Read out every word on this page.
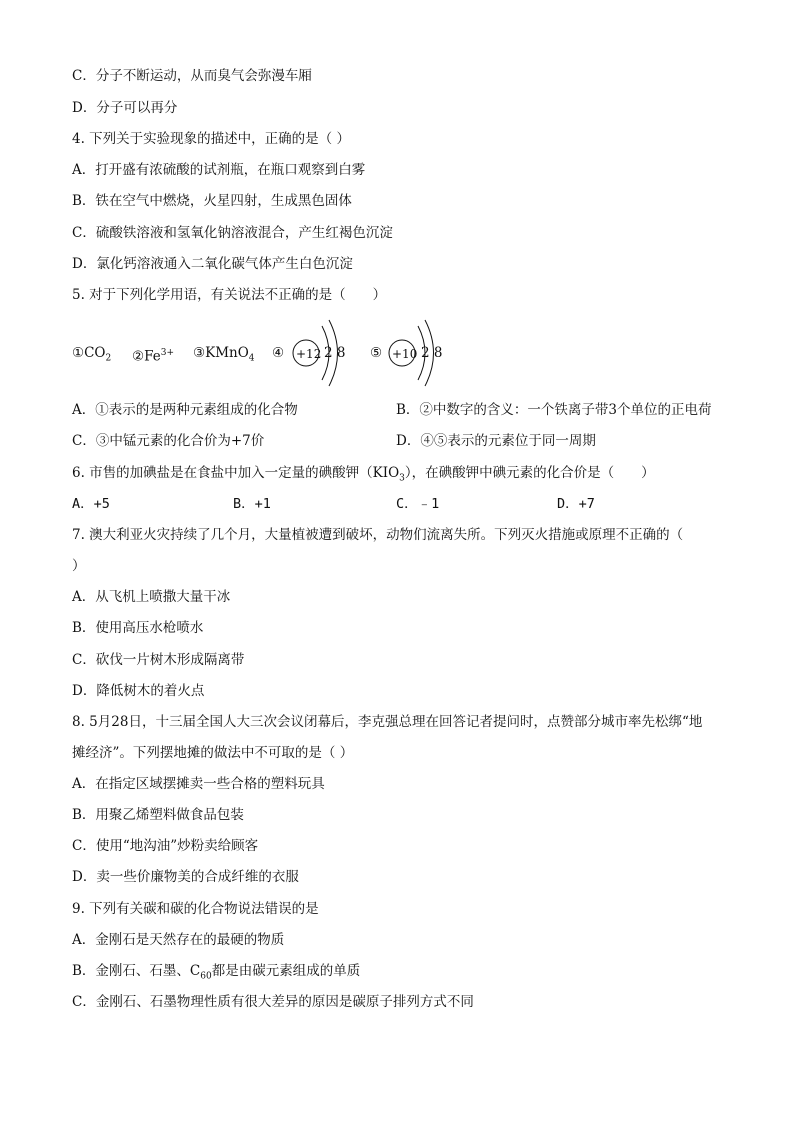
C．分子不断运动，从而臭气会弥漫车厢
D．分子可以再分
4. 下列关于实验现象的描述中，正确的是（ ）
A．打开盛有浓硫酸的试剂瓶，在瓶口观察到白雾
B．铁在空气中燃烧，火星四射，生成黑色固体
C．硫酸铁溶液和氢氧化钠溶液混合，产生红褐色沉淀
D．氯化钙溶液通入二氧化碳气体产生白色沉淀
5. 对于下列化学用语，有关说法不正确的是（　　）
$①CO_2$ $②Fe^{3+}$ ③KMnO$_4$ ④ +12 2 8 ⑤ +10 2 8
A．①表示的是两种元素组成的化合物	B．②中数字的含义：一个铁离子带3个单位的正电荷
C．③中锰元素的化合价为+7价	D．④⑤表示的元素位于同一周期
6. 市售的加碘盐是在食盐中加入一定量的碘酸钾$(KIO_3)$，在碘酸钾中碘元素的化合价是（　　）
A．+5	B．+1	C．﹣1	D．+7
7. 澳大利亚火灾持续了几个月，大量植被遭到破坏，动物们流离失所。下列灭火措施或原理不正确的（
）
A．从飞机上喷撒大量干冰
B．使用高压水枪喷水
C．砍伐一片树木形成隔离带
D．降低树木的着火点
8. 5月28日，十三届全国人大三次会议闭幕后，李克强总理在回答记者提问时，点赞部分城市率先松绑“地
摊经济”。下列摆地摊的做法中不可取的是（ ）
A．在指定区域摆摊卖一些合格的塑料玩具
B．用聚乙烯塑料做食品包装
C．使用“地沟油”炒粉卖给顾客
D．卖一些价廉物美的合成纤维的衣服
9. 下列有关碳和碳的化合物说法错误的是
A．金刚石是天然存在的最硬的物质
B．金刚石、石墨、$C_{60}$都是由碳元素组成的单质
C．金刚石、石墨物理性质有很大差异的原因是碳原子排列方式不同
